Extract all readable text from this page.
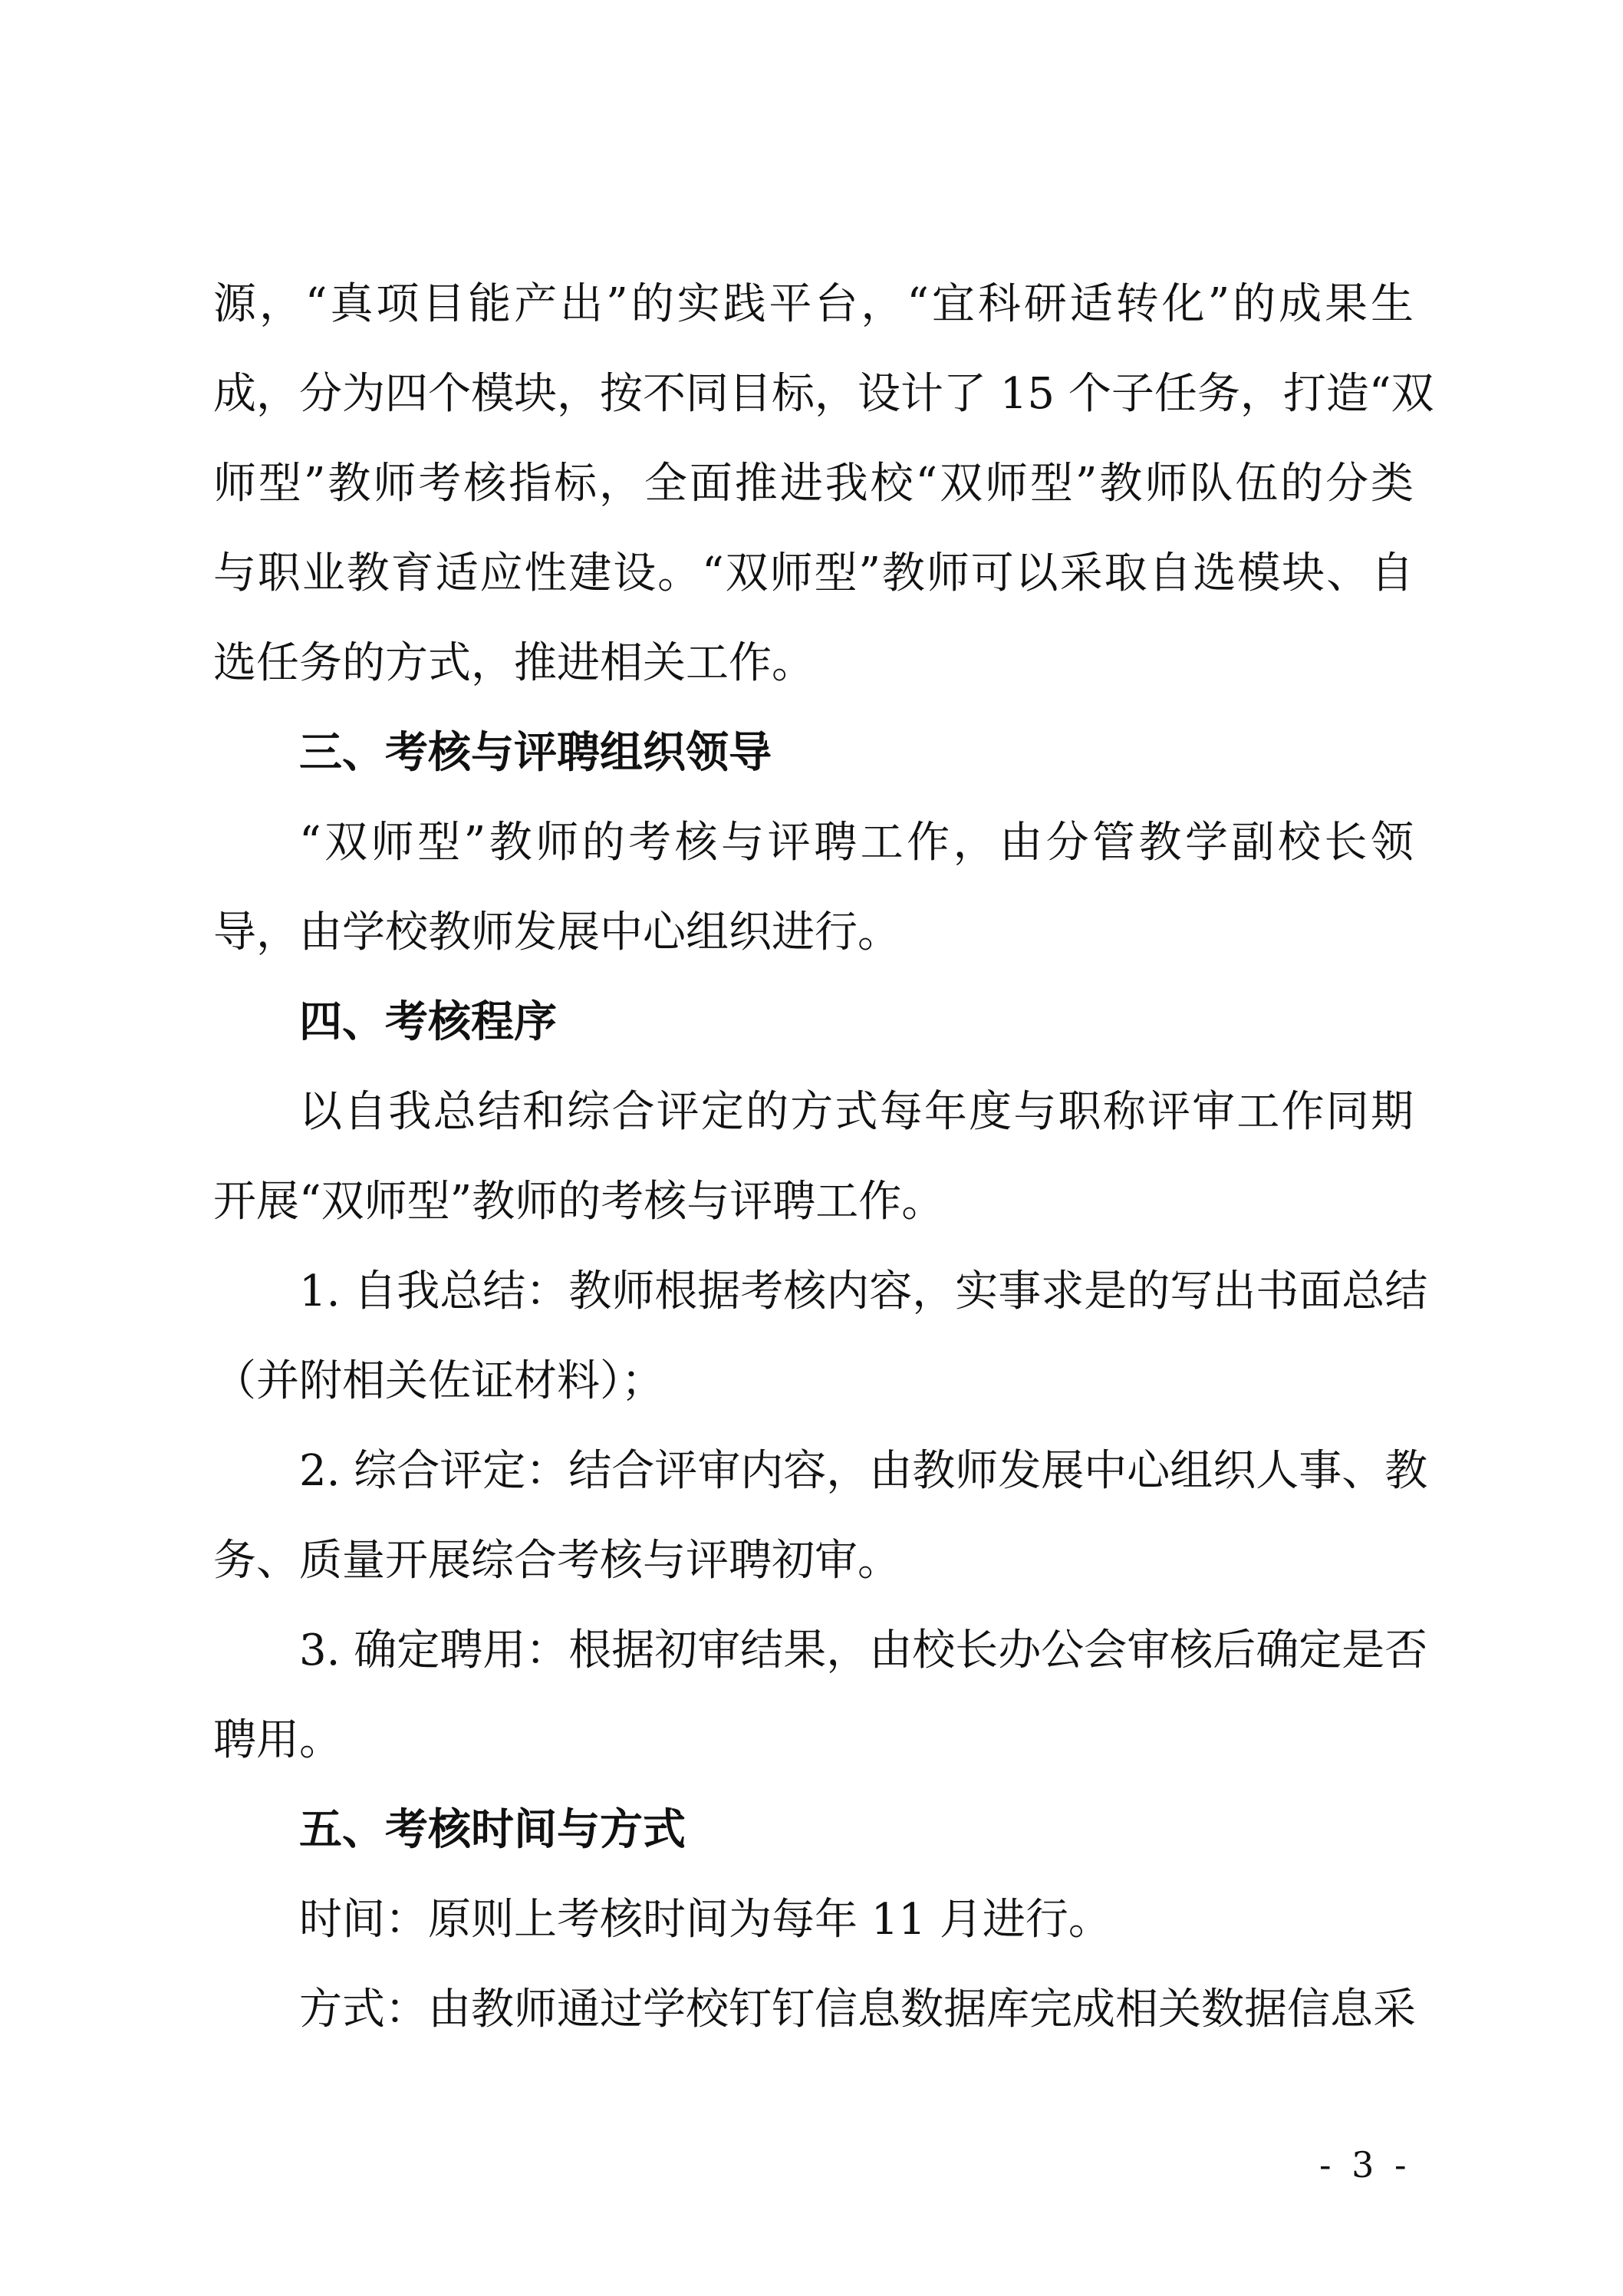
源，“真项目能产出”的实践平台，“宜科研适转化”的成果生
成，分为四个模块，按不同目标，设计了 15 个子任务，打造“双
师型”教师考核指标，全面推进我校“双师型”教师队伍的分类
与职业教育适应性建设。“双师型”教师可以采取自选模块、自
选任务的方式，推进相关工作。
三、考核与评聘组织领导
“双师型”教师的考核与评聘工作，由分管教学副校长领
导，由学校教师发展中心组织进行。
四、考核程序
以自我总结和综合评定的方式每年度与职称评审工作同期
开展“双师型”教师的考核与评聘工作。
1. 自我总结：教师根据考核内容，实事求是的写出书面总结
（并附相关佐证材料）；
2. 综合评定：结合评审内容，由教师发展中心组织人事、教
务、质量开展综合考核与评聘初审。
3. 确定聘用：根据初审结果，由校长办公会审核后确定是否
聘用。
五、考核时间与方式
时间：原则上考核时间为每年 11 月进行。
方式：由教师通过学校钉钉信息数据库完成相关数据信息采
- 3 -
